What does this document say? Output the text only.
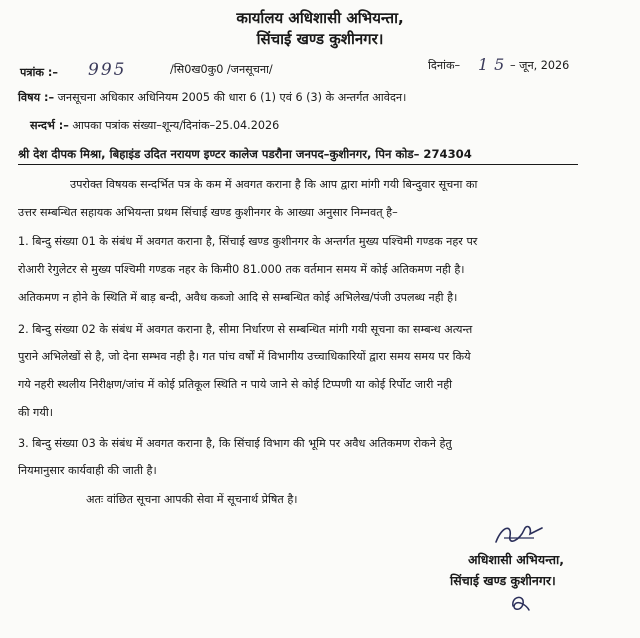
कार्यालय अधिशासी अभियन्ता,
सिंचाई खण्ड कुशीनगर।
पत्रांक :– 995	/सि0ख0कु0 /जनसूचना/	दिनांक– 15 – जून, 2026
विषय :– जनसूचना अधिकार अधिनियम 2005 की धारा 6 (1) एवं 6 (3) के अन्तर्गत आवेदन।
सन्दर्भ :– आपका पत्रांक संख्या–शून्य/दिनांक–25.04.2026
श्री देश दीपक मिश्रा, बिहाइंड उदित नरायण इण्टर कालेज पडरौना जनपद–कुशीनगर, पिन कोड– 274304
उपरोक्त विषयक सन्दर्भित पत्र के कम में अवगत कराना है कि आप द्वारा मांगी गयी बिन्दुवार सूचना का
उत्तर सम्बन्धित सहायक अभियन्ता प्रथम सिंचाई खण्ड कुशीनगर के आख्या अनुसार निम्नवत् है–
1. बिन्दु संख्या 01 के संबंध में अवगत कराना है, सिंचाई खण्ड कुशीनगर के अन्तर्गत मुख्य पश्चिमी गण्डक नहर पर
रोआरी रेगुलेटर से मुख्य पश्चिमी गण्डक नहर के किमी0 81.000 तक वर्तमान समय में कोई अतिकमण नही है।
अतिकमण न होने के स्थिति में बाड़ बन्दी, अवैध कब्जो आदि से सम्बन्धित कोई अभिलेख/पंजी उपलब्ध नही है।
2. बिन्दु संख्या 02 के संबंध में अवगत कराना है, सीमा निर्धारण से सम्बन्धित मांगी गयी सूचना का सम्बन्ध अत्यन्त
पुराने अभिलेखों से है, जो देना सम्भव नही है। गत पांच वर्षों में विभागीय उच्चाधिकारियों द्वारा समय समय पर किये
गये नहरी स्थलीय निरीक्षण/जांच में कोई प्रतिकूल स्थिति न पाये जाने से कोई टिप्पणी या कोई रिर्पोट जारी नही
की गयी।
3. बिन्दु संख्या 03 के संबंध में अवगत कराना है, कि सिंचाई विभाग की भूमि पर अवैध अतिकमण रोकने हेतु
नियमानुसार कार्यवाही की जाती है।
अतः वांछित सूचना आपकी सेवा में सूचनार्थ प्रेषित है।
अधिशासी अभियन्ता,
सिंचाई खण्ड कुशीनगर।
